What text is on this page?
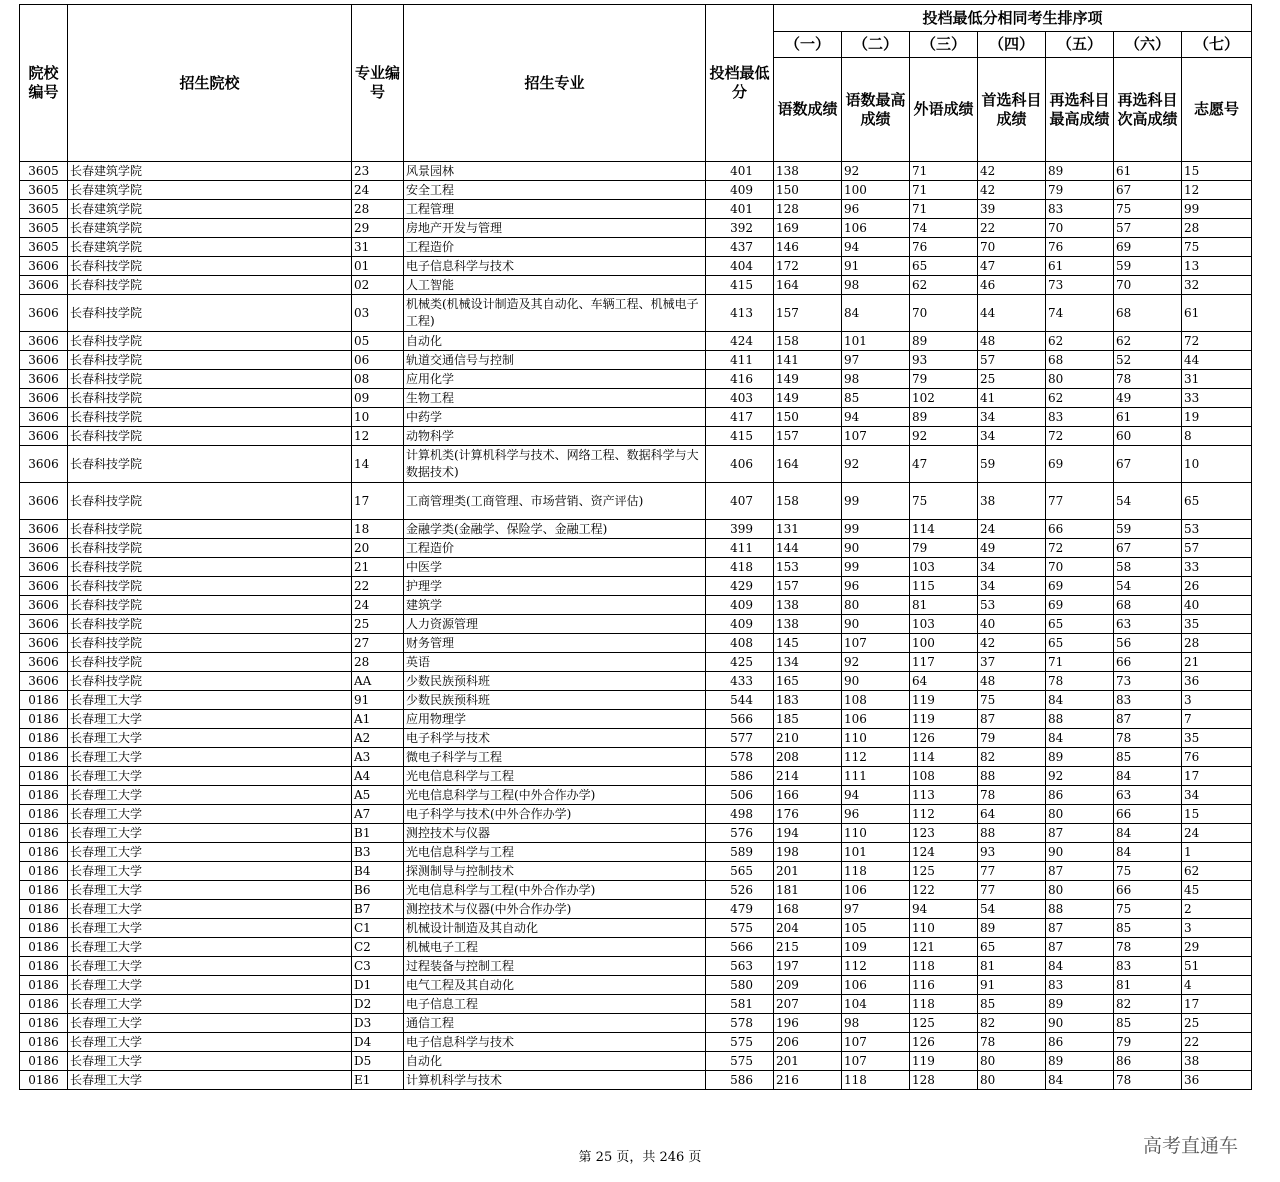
院校编号	招生院校	专业编号	招生专业	投档最低分	投档最低分相同考生排序项						
					（一）	（二）	（三）	（四）	（五）	（六）	（七）
					语数成绩	语数最高成绩	外语成绩	首选科目成绩	再选科目最高成绩	再选科目次高成绩	志愿号
3605	长春建筑学院	23	风景园林	401	138	92	71	42	89	61	15
3605	长春建筑学院	24	安全工程	409	150	100	71	42	79	67	12
3605	长春建筑学院	28	工程管理	401	128	96	71	39	83	75	99
3605	长春建筑学院	29	房地产开发与管理	392	169	106	74	22	70	57	28
3605	长春建筑学院	31	工程造价	437	146	94	76	70	76	69	75
3606	长春科技学院	01	电子信息科学与技术	404	172	91	65	47	61	59	13
3606	长春科技学院	02	人工智能	415	164	98	62	46	73	70	32
3606	长春科技学院	03	机械类(机械设计制造及其自动化、车辆工程、机械电子工程)	413	157	84	70	44	74	68	61
3606	长春科技学院	05	自动化	424	158	101	89	48	62	62	72
3606	长春科技学院	06	轨道交通信号与控制	411	141	97	93	57	68	52	44
3606	长春科技学院	08	应用化学	416	149	98	79	25	80	78	31
3606	长春科技学院	09	生物工程	403	149	85	102	41	62	49	33
3606	长春科技学院	10	中药学	417	150	94	89	34	83	61	19
3606	长春科技学院	12	动物科学	415	157	107	92	34	72	60	8
3606	长春科技学院	14	计算机类(计算机科学与技术、网络工程、数据科学与大数据技术)	406	164	92	47	59	69	67	10
3606	长春科技学院	17	工商管理类(工商管理、市场营销、资产评估)	407	158	99	75	38	77	54	65
3606	长春科技学院	18	金融学类(金融学、保险学、金融工程)	399	131	99	114	24	66	59	53
3606	长春科技学院	20	工程造价	411	144	90	79	49	72	67	57
3606	长春科技学院	21	中医学	418	153	99	103	34	70	58	33
3606	长春科技学院	22	护理学	429	157	96	115	34	69	54	26
3606	长春科技学院	24	建筑学	409	138	80	81	53	69	68	40
3606	长春科技学院	25	人力资源管理	409	138	90	103	40	65	63	35
3606	长春科技学院	27	财务管理	408	145	107	100	42	65	56	28
3606	长春科技学院	28	英语	425	134	92	117	37	71	66	21
3606	长春科技学院	AA	少数民族预科班	433	165	90	64	48	78	73	36
0186	长春理工大学	91	少数民族预科班	544	183	108	119	75	84	83	3
0186	长春理工大学	A1	应用物理学	566	185	106	119	87	88	87	7
0186	长春理工大学	A2	电子科学与技术	577	210	110	126	79	84	78	35
0186	长春理工大学	A3	微电子科学与工程	578	208	112	114	82	89	85	76
0186	长春理工大学	A4	光电信息科学与工程	586	214	111	108	88	92	84	17
0186	长春理工大学	A5	光电信息科学与工程(中外合作办学)	506	166	94	113	78	86	63	34
0186	长春理工大学	A7	电子科学与技术(中外合作办学)	498	176	96	112	64	80	66	15
0186	长春理工大学	B1	测控技术与仪器	576	194	110	123	88	87	84	24
0186	长春理工大学	B3	光电信息科学与工程	589	198	101	124	93	90	84	1
0186	长春理工大学	B4	探测制导与控制技术	565	201	118	125	77	87	75	62
0186	长春理工大学	B6	光电信息科学与工程(中外合作办学)	526	181	106	122	77	80	66	45
0186	长春理工大学	B7	测控技术与仪器(中外合作办学)	479	168	97	94	54	88	75	2
0186	长春理工大学	C1	机械设计制造及其自动化	575	204	105	110	89	87	85	3
0186	长春理工大学	C2	机械电子工程	566	215	109	121	65	87	78	29
0186	长春理工大学	C3	过程装备与控制工程	563	197	112	118	81	84	83	51
0186	长春理工大学	D1	电气工程及其自动化	580	209	106	116	91	83	81	4
0186	长春理工大学	D2	电子信息工程	581	207	104	118	85	89	82	17
0186	长春理工大学	D3	通信工程	578	196	98	125	82	90	85	25
0186	长春理工大学	D4	电子信息科学与技术	575	206	107	126	78	86	79	22
0186	长春理工大学	D5	自动化	575	201	107	119	80	89	86	38
0186	长春理工大学	E1	计算机科学与技术	586	216	118	128	80	84	78	36
第 25 页，共 246 页
高考直通车
